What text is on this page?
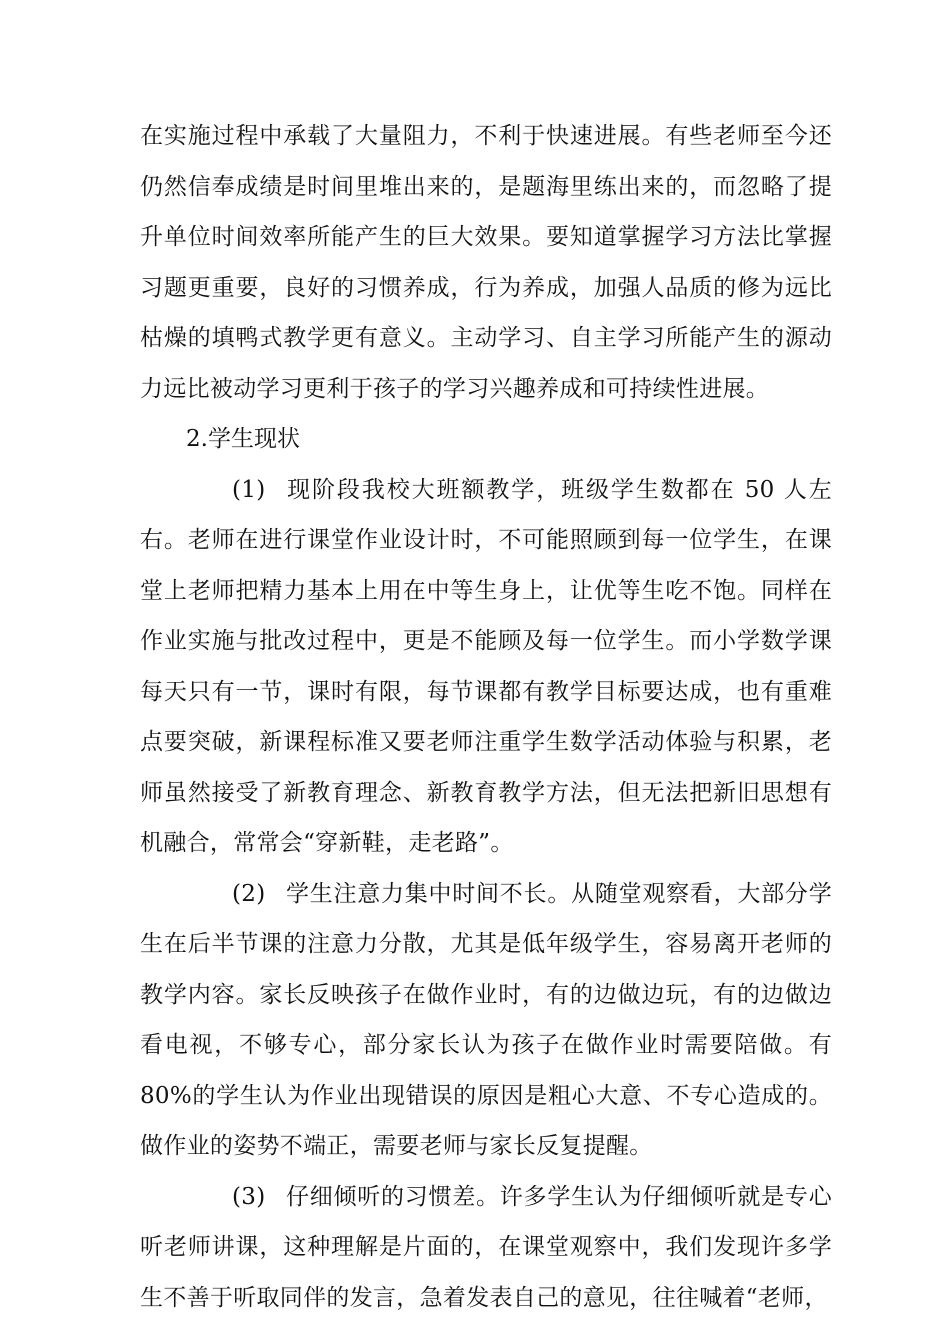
在实施过程中承载了大量阻力，不利于快速进展。有些老师至今还仍然信奉成绩是时间里堆出来的，是题海里练出来的，而忽略了提升单位时间效率所能产生的巨大效果。要知道掌握学习方法比掌握习题更重要，良好的习惯养成，行为养成，加强人品质的修为远比枯燥的填鸭式教学更有意义。主动学习、自主学习所能产生的源动力远比被动学习更利于孩子的学习兴趣养成和可持续性进展。

2.学生现状

(1) 现阶段我校大班额教学，班级学生数都在 50 人左右。老师在进行课堂作业设计时，不可能照顾到每一位学生，在课堂上老师把精力基本上用在中等生身上，让优等生吃不饱。同样在作业实施与批改过程中，更是不能顾及每一位学生。而小学数学课每天只有一节，课时有限，每节课都有教学目标要达成，也有重难点要突破，新课程标准又要老师注重学生数学活动体验与积累，老师虽然接受了新教育理念、新教育教学方法，但无法把新旧思想有机融合，常常会“穿新鞋，走老路”。

(2) 学生注意力集中时间不长。从随堂观察看，大部分学生在后半节课的注意力分散，尤其是低年级学生，容易离开老师的教学内容。家长反映孩子在做作业时，有的边做边玩，有的边做边看电视，不够专心，部分家长认为孩子在做作业时需要陪做。有 80%的学生认为作业出现错误的原因是粗心大意、不专心造成的。做作业的姿势不端正，需要老师与家长反复提醒。

(3) 仔细倾听的习惯差。许多学生认为仔细倾听就是专心听老师讲课，这种理解是片面的，在课堂观察中，我们发现许多学生不善于听取同伴的发言，急着发表自己的意见，往往喊着“老师，
